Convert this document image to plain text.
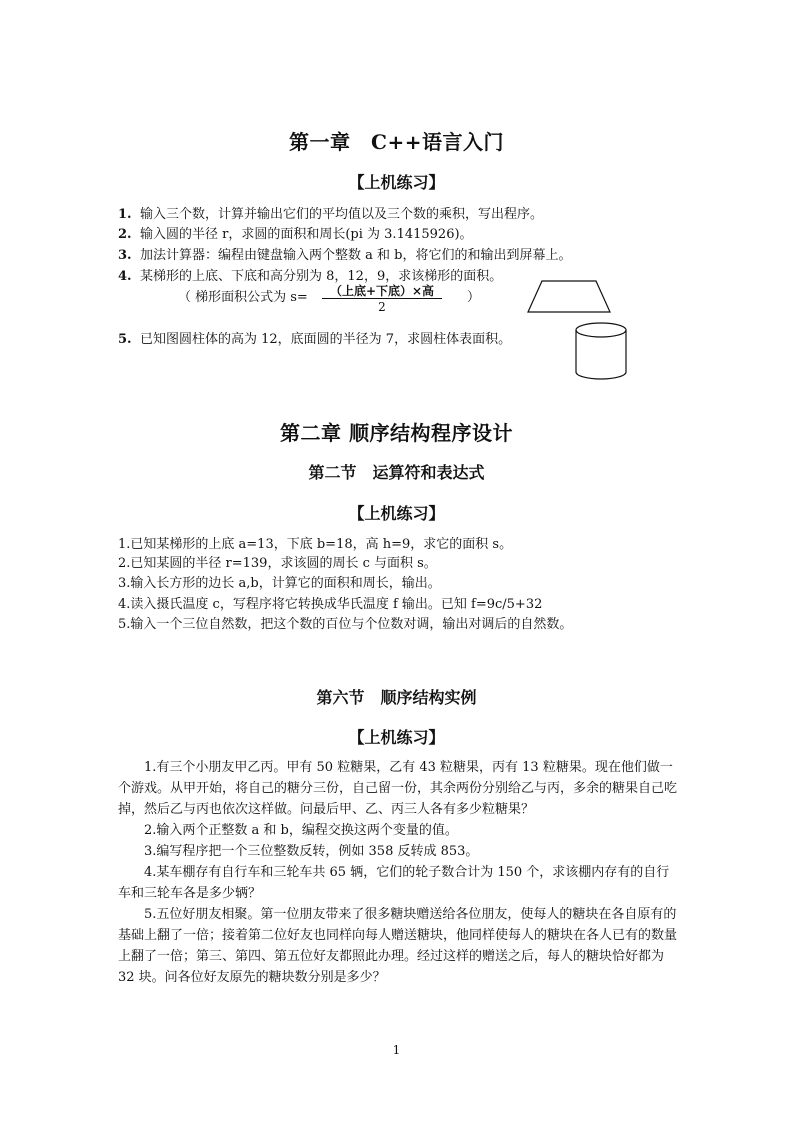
第一章　C++语言入门
【上机练习】
1. 输入三个数，计算并输出它们的平均值以及三个数的乘积，写出程序。
2. 输入圆的半径 r，求圆的面积和周长(pi 为 3.1415926)。
3. 加法计算器：编程由键盘输入两个整数 a 和 b，将它们的和输出到屏幕上。
4. 某梯形的上底、下底和高分别为 8，12，9，求该梯形的面积。
（ 梯形面积公式为 s=	（上底+下底）×高
2
）
5. 已知图圆柱体的高为 12，底面圆的半径为 7，求圆柱体表面积。
第二章 顺序结构程序设计
第二节　运算符和表达式
【上机练习】
1.已知某梯形的上底 a=13，下底 b=18，高 h=9，求它的面积 s。
2.已知某圆的半径 r=139，求该圆的周长 c 与面积 s。
3.输入长方形的边长 a,b，计算它的面积和周长，输出。
4.读入摄氏温度 c，写程序将它转换成华氏温度 f 输出。已知 f=9c/5+32
5.输入一个三位自然数，把这个数的百位与个位数对调，输出对调后的自然数。
第六节　顺序结构实例
【上机练习】
1.有三个小朋友甲乙丙。甲有 50 粒糖果，乙有 43 粒糖果，丙有 13 粒糖果。现在他们做一个游戏。从甲开始，将自己的糖分三份，自己留一份，其余两份分别给乙与丙，多余的糖果自己吃掉，然后乙与丙也依次这样做。问最后甲、乙、丙三人各有多少粒糖果？
2.输入两个正整数 a 和 b，编程交换这两个变量的值。
3.编写程序把一个三位整数反转，例如 358 反转成 853。
4.某车棚存有自行车和三轮车共 65 辆，它们的轮子数合计为 150 个，求该棚内存有的自行车和三轮车各是多少辆？
5.五位好朋友相聚。第一位朋友带来了很多糖块赠送给各位朋友，使每人的糖块在各自原有的基础上翻了一倍；接着第二位好友也同样向每人赠送糖块，他同样使每人的糖块在各人已有的数量上翻了一倍；第三、第四、第五位好友都照此办理。经过这样的赠送之后，每人的糖块恰好都为 32 块。问各位好友原先的糖块数分别是多少？
1
